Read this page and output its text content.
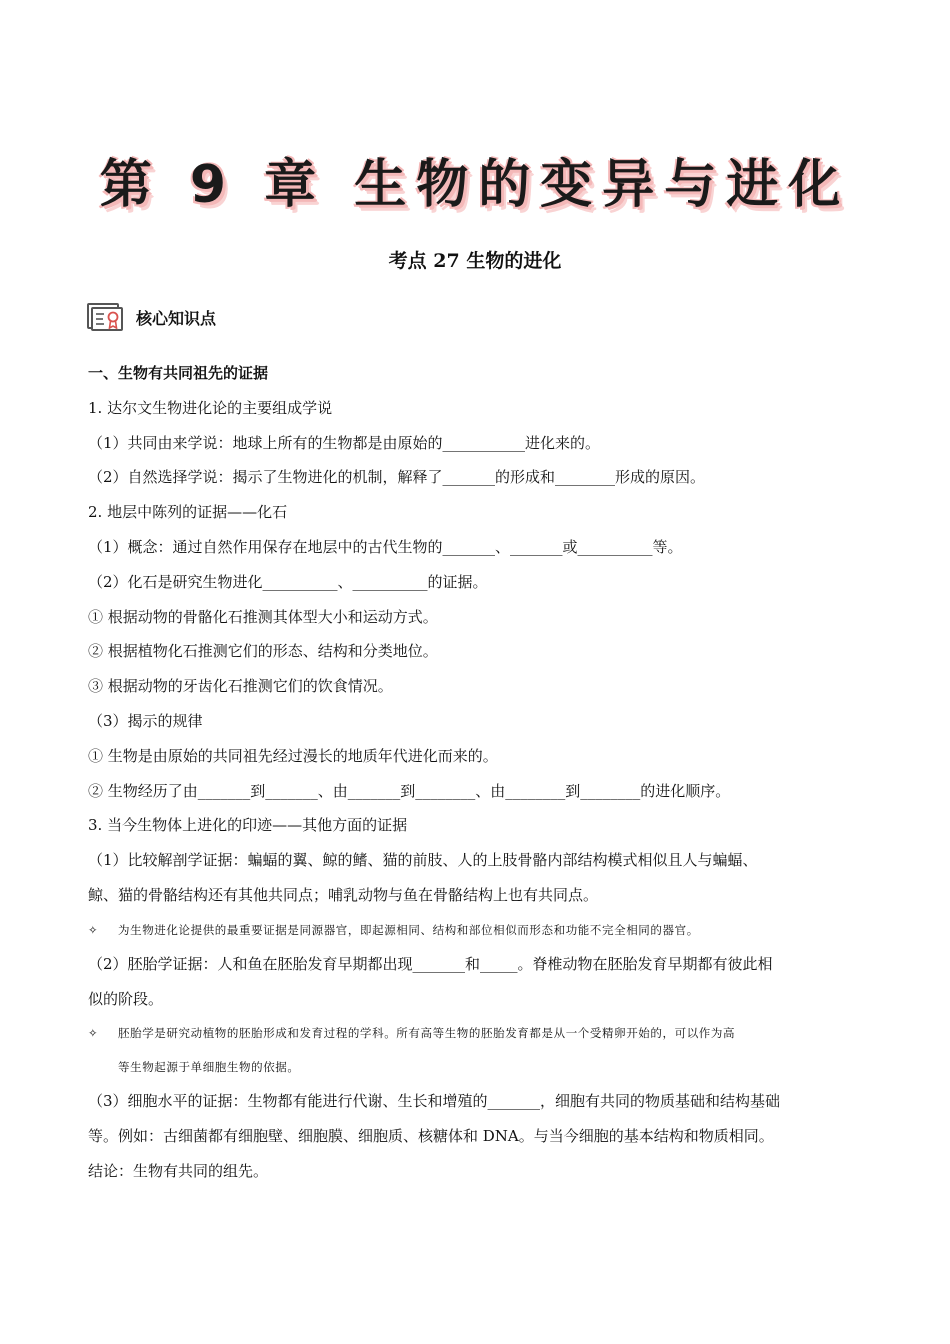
第 9 章 生物的变异与进化
考点 27 生物的进化
核心知识点
一、生物有共同祖先的证据
1. 达尔文生物进化论的主要组成学说
（1）共同由来学说：地球上所有的生物都是由原始的___________进化来的。
（2）自然选择学说：揭示了生物进化的机制，解释了_______的形成和________形成的原因。
2. 地层中陈列的证据——化石
（1）概念：通过自然作用保存在地层中的古代生物的_______、_______或__________等。
（2）化石是研究生物进化__________、__________的证据。
① 根据动物的骨骼化石推测其体型大小和运动方式。
② 根据植物化石推测它们的形态、结构和分类地位。
③ 根据动物的牙齿化石推测它们的饮食情况。
（3）揭示的规律
① 生物是由原始的共同祖先经过漫长的地质年代进化而来的。
② 生物经历了由_______到_______、由_______到________、由________到________的进化顺序。
3. 当今生物体上进化的印迹——其他方面的证据
（1）比较解剖学证据：蝙蝠的翼、鲸的鳍、猫的前肢、人的上肢骨骼内部结构模式相似且人与蝙蝠、
鲸、猫的骨骼结构还有其他共同点；哺乳动物与鱼在骨骼结构上也有共同点。
✧	为生物进化论提供的最重要证据是同源器官，即起源相同、结构和部位相似而形态和功能不完全相同的器官。
（2）胚胎学证据：人和鱼在胚胎发育早期都出现_______和_____。脊椎动物在胚胎发育早期都有彼此相
似的阶段。
✧	胚胎学是研究动植物的胚胎形成和发育过程的学科。所有高等生物的胚胎发育都是从一个受精卵开始的，可以作为高
等生物起源于单细胞生物的依据。
（3）细胞水平的证据：生物都有能进行代谢、生长和增殖的_______，细胞有共同的物质基础和结构基础
等。例如：古细菌都有细胞壁、细胞膜、细胞质、核糖体和 DNA。与当今细胞的基本结构和物质相同。
结论：生物有共同的组先。
